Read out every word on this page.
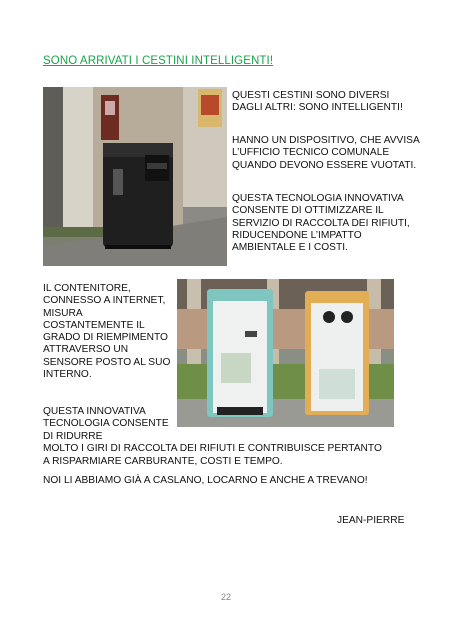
SONO ARRIVATI I CESTINI INTELLIGENTI!
QUESTI CESTINI SONO DIVERSI DAGLI ALTRI: SONO INTELLIGENTI!
HANNO UN DISPOSITIVO, CHE AVVISA L’UFFICIO TECNICO COMUNALE QUANDO DEVONO ESSERE VUOTATI.
QUESTA TECNOLOGIA INNOVATIVA CONSENTE DI OTTIMIZZARE IL SERVIZIO DI RACCOLTA DEI RIFIUTI, RIDUCENDONE L’IMPATTO AMBIENTALE E I COSTI.
IL CONTENITORE, CONNESSO A INTERNET, MISURA COSTANTEMENTE IL GRADO DI RIEMPIMENTO ATTRAVERSO UN SENSORE POSTO AL SUO INTERNO.
QUESTA INNOVATIVA TECNOLOGIA CONSENTE DI RIDURRE
MOLTO I GIRI DI RACCOLTA DEI RIFIUTI E CONTRIBUISCE PERTANTO
A RISPARMIARE CARBURANTE, COSTI E TEMPO.
NOI LI ABBIAMO GIÀ A CASLANO, LOCARNO E ANCHE A TREVANO!
JEAN-PIERRE
22
